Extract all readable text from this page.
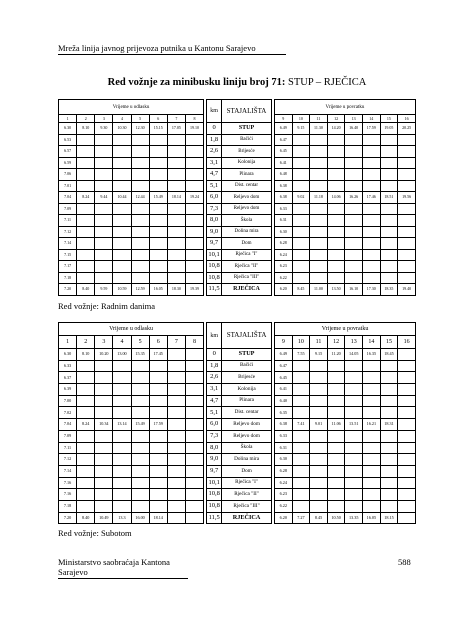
Mreža linija javnog prijevoza putnika u Kantonu Sarajevo
Red vožnje za minibusku liniju broj 71: STUP – RJEČICA
Vrijeme u odlasku									km	STAJALIŠTA		Vrijeme u povratku							
1	2	3	4	5	6	7	8					9	10	11	12	13	14	15	16
6.30	8.10	9.30	10.30	12.30	15.15	17.05	19.10		0	STUP		6.49	9.15	11.30	14.20	16.40	17.59	19.05	20.25
6.53									1,8	Bačići		6.47							
6.57									2,6	Brijesće		6.45							
6.59									3,1	Kolonija		6.41							
7.06									4,7	Plinara		6.48							
7.01									5,1	Dist. centar		6.38							
7.04	8.24	9.44	10.44	12.44	15.49	18.14	19.24		6,0	Reljevo dom		6.38	9.02	11.18	14.06	16.26	17.46	18.51	19.56
7.09									7,3	Reljevo dom		6.33							
7.11									8,0	Škola		6.31							
7.12									9,0	Dolina mira		6.30							
7.14									9,7	Dom		6.28							
7.15									10,1	Rječica "I"		6.24							
7.17									10,8	Rječica "II"		6.23							
7.18									10,8	Rječica "III"		6.22							
7.20	8.40	9.59	10.59	12.59	16.05	18.30	19.39		11,5	RJEČICA		6.20	8.45	11.00	13.50	16.10	17.30	18.35	19.40
Red vožnje: Radnim danima
Vrijeme u odlasku									km	STAJALIŠTA		Vrijeme u povratku							
1	2	3	4	5	6	7	8					9	10	11	12	13	14	15	16
6.30	8.10	10.20	13.00	15.35	17.45				0	STUP		6.49	7.55	9.15	11.20	14.05	16.35	18.45	
6.33									1,8	Bačići		6.47							
6.37									2,6	Brijesće		6.45							
6.39									3,1	Kolonija		6.41							
7.00									4,7	Plinara		6.40							
7.02									5,1	Dist. centar		6.35							
7.04	8.24	10.34	13.14	15.49	17.59				6,0	Reljevo dom		6.38	7.41	9.01	11.06	13.51	16.21	18.31	
7.09									7,3	Reljevo dom		6.33							
7.11									8,0	Škola		6.31							
7.12									9,0	Dolina mira		6.30							
7.14									9,7	Dom		6.28							
7.16									10,1	Rječica "I"		6.24							
7.16									10,8	Rječica "II"		6.23							
7.18									10,8	Rječica "III"		6.22							
7.20	8.40	10.49	13.3	16.00	18.14				11,5	RJEČICA		6.20	7.27	8.45	10.50	13.35	16.05	18.15	
Red vožnje: Subotom
Ministarstvo saobraćaja Kantona Sarajevo
588
